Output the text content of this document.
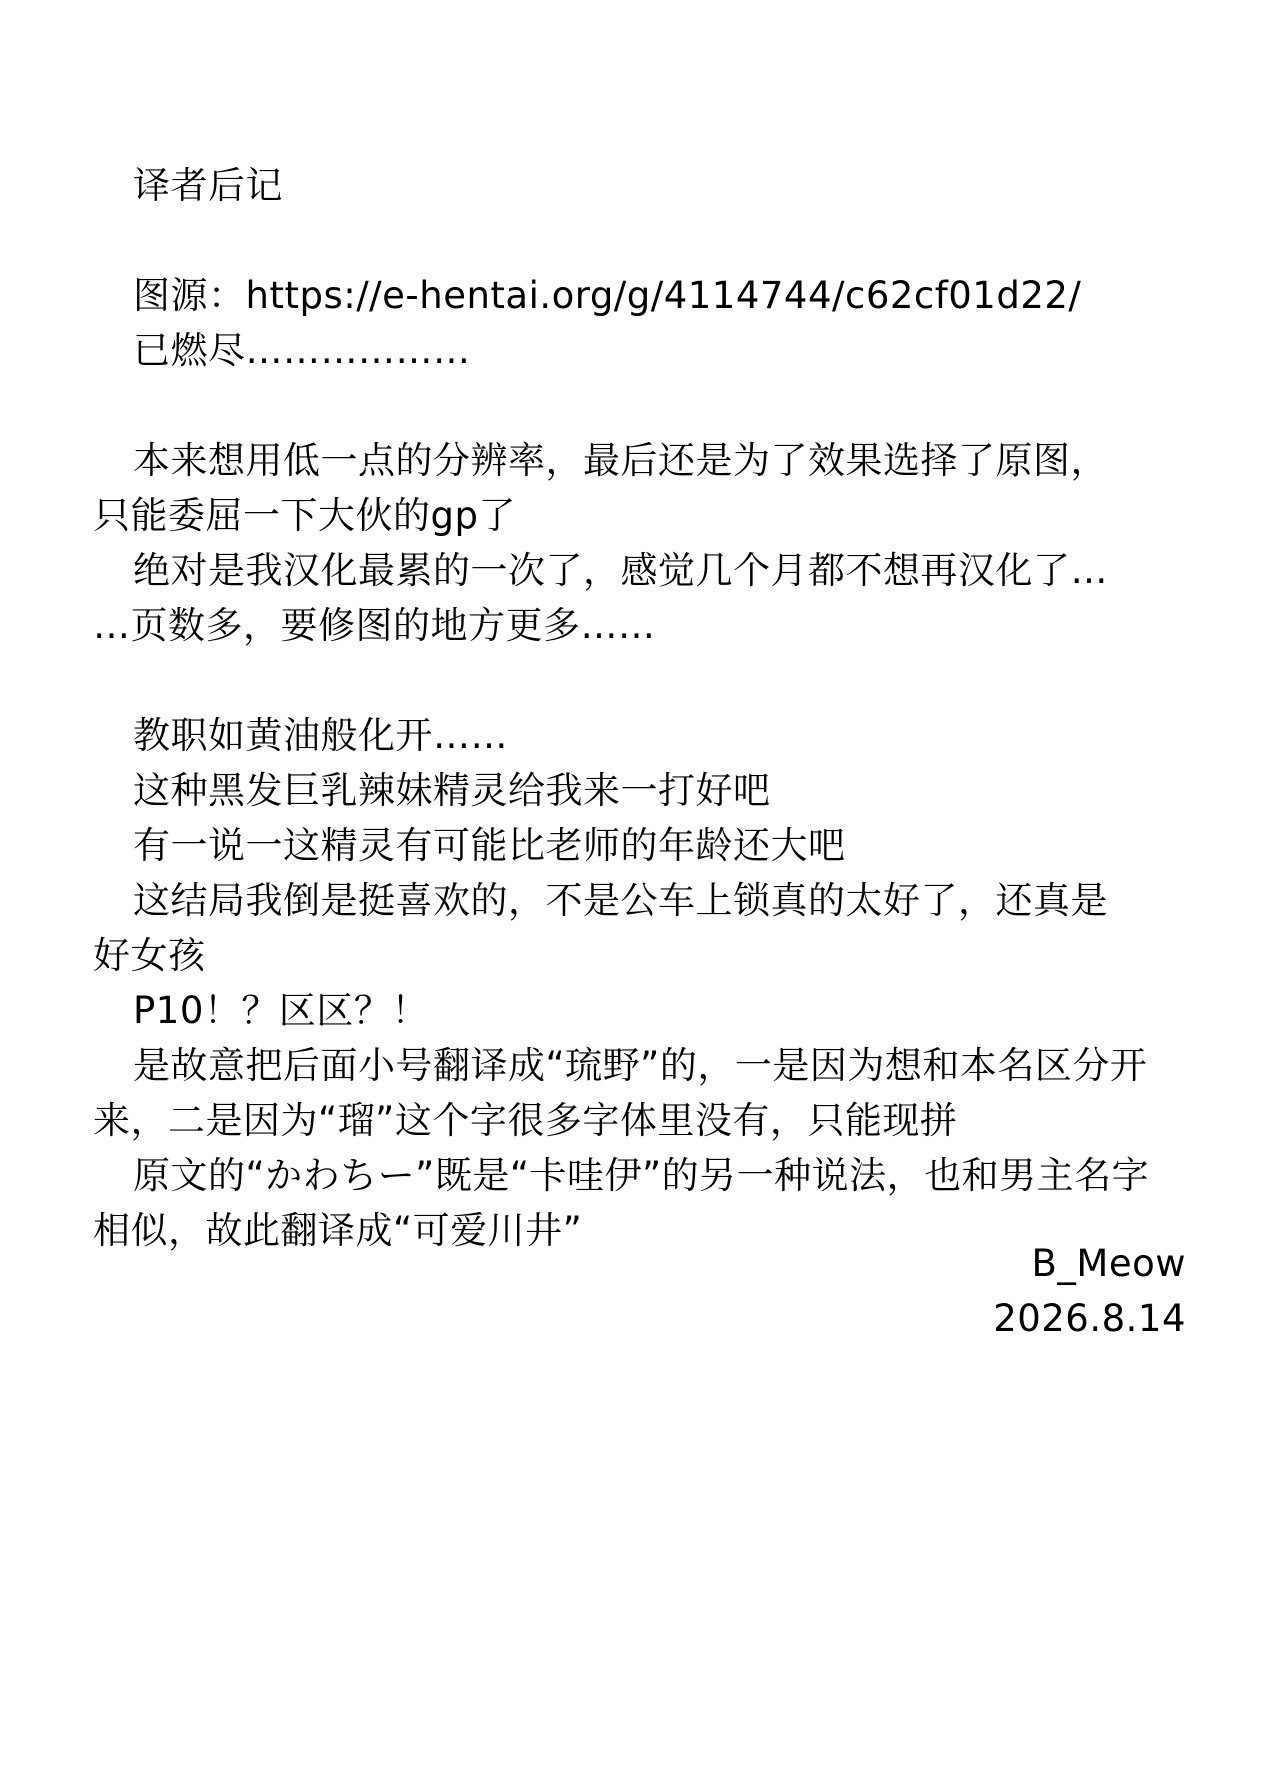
译者后记
图源：https://e-hentai.org/g/4114744/c62cf01d22/
已燃尽………………
本来想用低一点的分辨率，最后还是为了效果选择了原图，
只能委屈一下大伙的gp了
绝对是我汉化最累的一次了，感觉几个月都不想再汉化了…
…页数多，要修图的地方更多……
教职如黄油般化开……
这种黑发巨乳辣妹精灵给我来一打好吧
有一说一这精灵有可能比老师的年龄还大吧
这结局我倒是挺喜欢的，不是公车上锁真的太好了，还真是
好女孩
P10！？区区？！
是故意把后面小号翻译成“琉野”的，一是因为想和本名区分开
来，二是因为“瑠”这个字很多字体里没有，只能现拼
原文的“かわちー”既是“卡哇伊”的另一种说法，也和男主名字
相似，故此翻译成“可爱川井”
B_Meow
2026.8.14
